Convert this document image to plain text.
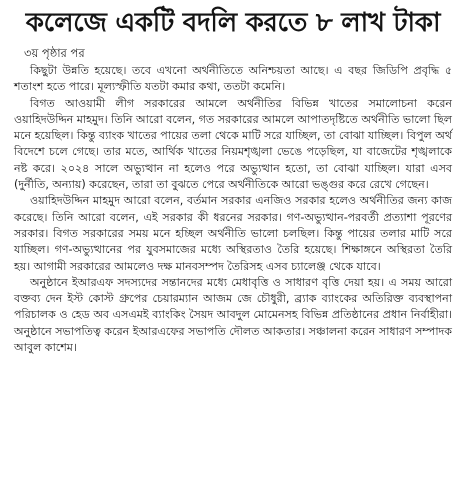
কলেজে একটি বদলি করতে ৮ লাখ টাকা
৩য় পৃষ্ঠার পর

কিছুটা উন্নতি হয়েছে। তবে এখনো অর্থনীতিতে অনিশ্চয়তা আছে। এ বছর জিডিপি প্রবৃদ্ধি ৫ শতাংশ হতে পারে। মূল্যস্ফীতি যতটা কমার কথা, ততটা কমেনি।

বিগত আওয়ামী লীগ সরকারের আমলে অর্থনীতির বিভিন্ন খাতের সমালোচনা করেন ওয়াহিদউদ্দিন মাহমুদ। তিনি আরো বলেন, গত সরকারের আমলে আপাতদৃষ্টিতে অর্থনীতি ভালো ছিল মনে হয়েছিল। কিন্তু ব্যাংক খাতের পায়ের তলা থেকে মাটি সরে যাচ্ছিল, তা বোঝা যাচ্ছিল। বিপুল অর্থ বিদেশে চলে গেছে। তার মতে, আর্থিক খাতের নিয়মশৃঙ্খলা ভেঙে পড়েছিল, যা বাজেটের শৃঙ্খলাকে নষ্ট করে। ২০২৪ সালে অভ্যুত্থান না হলেও পরে অভ্যুত্থান হতো, তা বোঝা যাচ্ছিল। যারা এসব (দুর্নীতি, অন্যায়) করেছেন, তারা তা বুঝতে পেরে অর্থনীতিকে আরো ভঙ্গুর করে রেখে গেছেন।

ওয়াহিদউদ্দিন মাহমুদ আরো বলেন, বর্তমান সরকার এনজিও সরকার হলেও অর্থনীতির জন্য কাজ করেছে। তিনি আরো বলেন, এই সরকার কী ধরনের সরকার। গণ-অভ্যুত্থান-পরবর্তী প্রত্যাশা পূরণের সরকার। বিগত সরকারের সময় মনে হচ্ছিল অর্থনীতি ভালো চলছিল। কিন্তু পায়ের তলার মাটি সরে যাচ্ছিল। গণ-অভ্যুত্থানের পর যুবসমাজের মধ্যে অস্থিরতাও তৈরি হয়েছে। শিক্ষাঙ্গনে অস্থিরতা তৈরি হয়। আগামী সরকারের আমলেও দক্ষ মানবসম্পদ তৈরিসহ এসব চ্যালেঞ্জ থেকে যাবে।

অনুষ্ঠানে ইআরএফ সদস্যদের সন্তানদের মধ্যে মেধাবৃত্তি ও সাধারণ বৃত্তি দেয়া হয়। এ সময় আরো বক্তব্য দেন ইস্ট কোস্ট গ্রুপের চেয়ারম্যান আজম জে চৌধুরী, ব্র্যাক ব্যাংকের অতিরিক্ত ব্যবস্থাপনা পরিচালক ও হেড অব এসএমই ব্যাংকিং সৈয়দ আবদুল মোমেনসহ বিভিন্ন প্রতিষ্ঠানের প্রধান নির্বাহীরা। অনুষ্ঠানে সভাপতিত্ব করেন ইআরএফের সভাপতি দৌলত আকতার। সঞ্চালনা করেন সাধারণ সম্পাদক আবুল কাশেম।
